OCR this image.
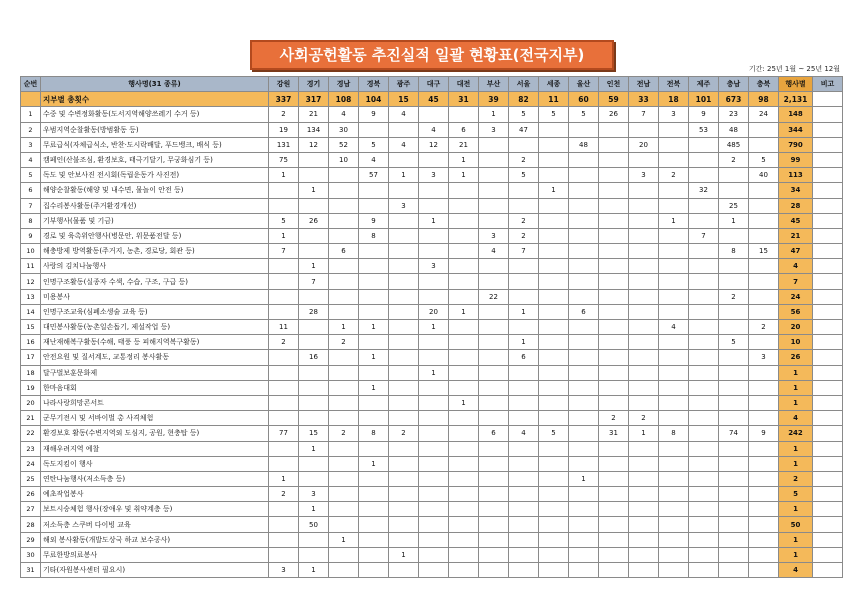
사회공헌활동 추진실적 일괄 현황표(전국지부)
기간: 25년 1월 ~ 25년 12월
순번	행사명(31 종류)	강원	경기	경남	경북	광주	대구	대전	부산	서울	세종	울산	인천	전남	전북	제주	충남	충북	행사별	비고
	지부별 총횟수	337	317	108	104	15	45	31	39	82	11	60	59	33	18	101	673	98	2,131	
1	수중 및 수변정화활동(도서지역해양쓰레기 수거 등)	2	21	4	9	4			1	5	5	5	26	7	3	9	23	24	148	
2	우범지역순찰활동(방범활동 등)	19	134	30			4	6	3	47						53	48		344	
3	무료급식(자체급식소, 반찬·도시락배달, 푸드뱅크, 배식 등)	131	12	52	5	4	12	21				48		20			485		790	
4	캠페인(산불조심, 환경보호, 태극기달기, 무궁화심기 등)	75		10	4			1		2							2	5	99	
5	독도 및 안보사진 전시회(독립운동가 사진전)	1			57	1	3	1		5				3	2			40	113	
6	해양순찰활동(해양 및 내수면, 물놀이 안전 등)		1								1					32			34	
7	집수리봉사활동(주거환경개선)					3											25		28	
8	기부행사(물품 및 기금)	5	26		9		1			2					1		1		45	
9	경로 및 육촉위안행사(병문안, 위문품전달 등)	1			8				3	2						7			21	
10	해충방제 방역활동(주거지, 농촌, 경로당, 회관 등)	7		6					4	7							8	15	47	
11	사랑의 김치나눔행사		1				3												4	
12	인명구조활동(실종자 수색, 수습, 구조, 구급 등)		7																7	
13	미용봉사								22								2		24	
14	인명구조교육(심폐소생술 교육 등)		28				20	1		1		6							56	
15	대민봉사활동(농촌일손돕기, 제설작업 등)	11		1	1		1								4			2	20	
16	재난재해복구활동(수해, 태풍 등 피해지역복구활동)	2		2						1							5		10	
17	안전요원 및 질서계도, 교통정리 봉사활동		16		1					6								3	26	
18	달구벌보훈문화제						1												1	
19	한마음대회				1														1	
20	나라사랑희망콘서트							1											1	
21	군무기전시 및 서바이벌 총 사격체험												2	2					4	
22	환경보호 활동(수변지역외 도심지, 공원, 현충탑 등)	77	15	2	8	2			6	4	5		31	1	8		74	9	242	
23	재해우려지역 예찰		1																1	
24	독도지킴이 행사				1														1	
25	연탄나눔행사(저소득층 등)	1										1							2	
26	예초작업봉사	2	3																5	
27	보트시승체험 행사(장애우 및 취약계층 등)		1																1	
28	저소득층 스쿠버 다이빙 교육		50																50	
29	해외 봉사활동(개발도상국 하교 보수공사)			1															1	
30	무료한방의료봉사					1													1	
31	기타(자원봉사센터 필요시)	3	1																4	
